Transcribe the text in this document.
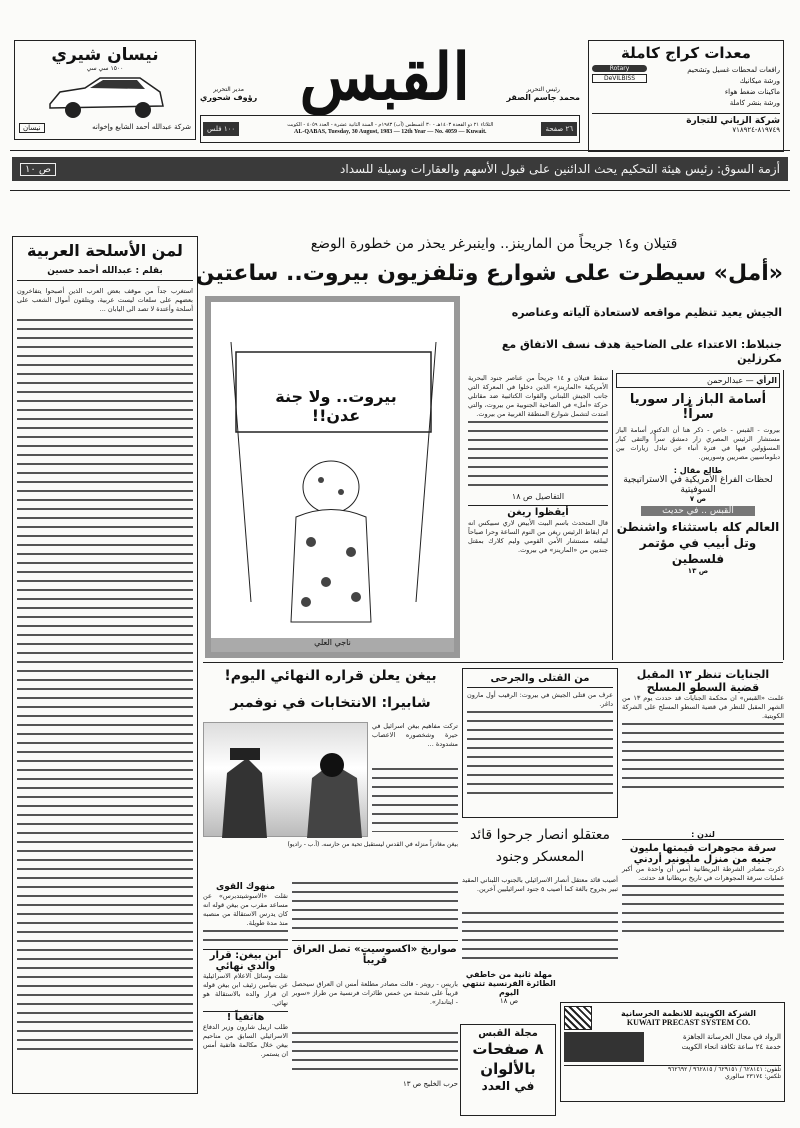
نيسان شيري
١٥٠٠ سي سي
شركة عبدالله أحمد الشايع وإخوانه
نيسان
القبس	رئيس التحرير
محمد جاسم الصقر
مدير التحرير
رؤوف شحوري
٢٦ صفحة
الثلاثاء ٢١ ذو القعدة ١٤٠٣هـ - ٣٠ أغسطس (آب) ١٩٨٣م - السنة الثانية عشرة - العدد ٤٠٥٩ - الكويت
AL-QABAS, Tuesday, 30 August, 1983 — 12th Year — No. 4059 — Kuwait.
١٠٠ فلس
معدات كراج كاملة
رافعات لمحطات غسيل وتشحيم
ورشة ميكانيك
ماكينات ضغط هواء
ورشة بنشر كاملة
Rotary
DeVILBISS
شركة الزياني للتجارة
٨١٩٧٤٩-٧١٨٩٢٤
أزمة السوق: رئيس هيئة التحكيم يحث الدائنين على قبول الأسهم والعقارات وسيلة للسداد
ص ١٠
لمن الأسلحة العربية
بقلم : عبدالله أحمد حسين
استغرب جداً من موقف بعض العرب الذين أصبحوا يتفاخرون بعضهم على سلعات ليست عربية، ويتلقون أموال الشعب على أسلحة وأعتدة لا تصد الى اليابان ...
قتيلان و١٤ جريحاً من المارينز.. واينبرغر يحذر من خطورة الوضع
«أمل» سيطرت على شوارع وتلفزيون بيروت.. ساعتين
الجيش يعيد تنظيم مواقعه لاستعادة آلياته وعناصره
جنبلاط: الاعتداء على الضاحية هدف نسف الاتفاق مع مكرزلين
بيروت.. ولا جنة عدن!!
ناجي العلي
سقط قتيلان و ١٤ جريحاً من عناصر جنود البحرية الأمريكية «المارينز» الذين دخلوا في المعركة التي جانب الجيش اللبناني والقوات الكتائبية ضد مقاتلي حركة «أمل» في الضاحية الجنوبية من بيروت، والتي امتدت لتشمل شوارع المنطقة الغربية من بيروت.
التفاصيل ص ١٨
أيقظوا ريغن
قال المتحدث باسم البيت الأبيض لاري سبيكس انه لم ايقاظ الرئيس ريغن من النوم الساعة وحرا صباحاً ليبلغه مستشار الأمن القومي وليم كلارك بمقتل جنديين من «المارينز» في بيروت.
الرأي — عبدالرحمن
أسامة الباز زار سوريا سراً!
بيروت - القبس - خاص - ذكر هنا أن الدكتور أسامة الباز مستشار الرئيس المصري زار دمشق سراً والتقى كبار المسؤولين فيها في فترة أنباء عن تبادل زيارات بين دبلوماسيين مصريين وسوريين.
طالع مقال :
لحظات الفراغ الأمريكية في الاستراتيجية السوفيتية
ص ٧
القبس .. في حديث
العالم كله باستثناء واشنطن وتل أبيب في مؤتمر فلسطين
ص ١٣
بيغن يعلن قراره النهائي اليوم!
شابيرا: الانتخابات في نوفمبر
بيغن مغادراً منزله في القدس ليستقبل تحية من حارسه. (أ.ب - راديو)
تركت مفاهيم بيغن اسرائيل في حيرة وشخصوره الاعصاب مشدودة ...
من القتلى والجرحى
عرف من قتلى الجيش في بيروت: الرقيب أول مارون داغر.
الجنايات تنظر ١٣ المقبل قضية السطو المسلح
علمت «القبس» ان محكمة الجنايات قد حددت يوم ١٣ من الشهر المقبل للنظر في قضية السطو المسلح على الشركة الكويتية.
لندن :
سرقة مجوهرات قيمتها مليون جنيه من منزل مليونير أردني
ذكرت مصادر الشرطة البريطانية أمس أن واحدة من أكبر عمليات سرقة المجوهرات في تاريخ بريطانيا قد حدثت.
معتقلو انصار جرحوا قائد المعسكر وجنود
أصيب قائد معتقل أنصار الاسرائيلي بالجنوب اللبناني المقيد ثبير بجروح بالغة كما أصيب ٥ جنود اسرائيليين آخرين.
منهوك القوى
نقلت «الاسوشيتدبرس» عن مساعد مقرب من بيغن قوله انه كان يدرس الاستقالة من منصبه منذ مدة طويلة.
ابن بيغن: قرار والدي نهائي
نقلت وسائل الاعلام الاسرائيلية عن بنيامين زئيف ابن بيغن قوله ان قرار والده بالاستقالة هو نهائي.
هاتفياً !
طلب ارييل شارون وزير الدفاع الاسرائيلي السابق من مناحيم بيغن خلال مكالمة هاتفية أمس ان يستمر.
صواريخ «اكسوسيت» تصل العراق قريباً
باريس - رويتر - قالت مصادر مطلعة أمس ان العراق سيحصل قريباً على شحنة من خمس طائرات فرنسية من طراز «سوبر - ايتاندار».
حرب الخليج ص ١٣
مهلة ثانية من خاطفي الطائرة الفرنسية تنتهي اليوم
ص ١٨
مجلة القبس
٨ صفحات
بالألوان
في العدد
الشركة الكويتية للانظمة الخرسانية
KUWAIT PRECAST SYSTEM CO.
الرواد في مجال الخرسانة الجاهزة
خدمة ٢٤ ساعة تكافة انحاء الكويت
تلفون: ٦٢٨١٤١ / ٦٢٩١٥١ / ٩٦٢٨١٥ / ٩٦٢٦٩٢
تلكس: ٢٣١٧٤ سالوري
